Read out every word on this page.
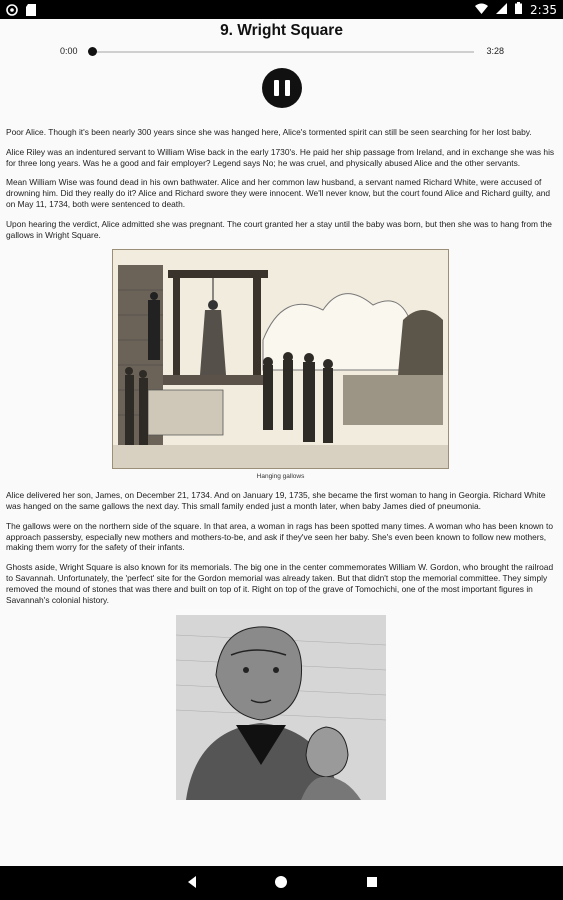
2:35
9. Wright Square
0:00	3:28

Poor Alice. Though it's been nearly 300 years since she was hanged here, Alice's tormented spirit can still be seen searching for her lost baby.

Alice Riley was an indentured servant to William Wise back in the early 1730's. He paid her ship passage from Ireland, and in exchange she was his for three long years. Was he a good and fair employer? Legend says No; he was cruel, and physically abused Alice and the other servants.

Mean William Wise was found dead in his own bathwater. Alice and her common law husband, a servant named Richard White, were accused of drowning him. Did they really do it? Alice and Richard swore they were innocent. We'll never know, but the court found Alice and Richard guilty, and on May 11, 1734, both were sentenced to death.

Upon hearing the verdict, Alice admitted she was pregnant. The court granted her a stay until the baby was born, but then she was to hang from the gallows in Wright Square.

Hanging gallows

Alice delivered her son, James, on December 21, 1734. And on January 19, 1735, she became the first woman to hang in Georgia. Richard White was hanged on the same gallows the next day. This small family ended just a month later, when baby James died of pneumonia.

The gallows were on the northern side of the square. In that area, a woman in rags has been spotted many times. A woman who has been known to approach passersby, especially new mothers and mothers-to-be, and ask if they've seen her baby. She's even been known to follow new mothers, making them worry for the safety of their infants.

Ghosts aside, Wright Square is also known for its memorials. The big one in the center commemorates William W. Gordon, who brought the railroad to Savannah. Unfortunately, the 'perfect' site for the Gordon memorial was already taken. But that didn't stop the memorial committee. They simply removed the mound of stones that was there and built on top of it. Right on top of the grave of Tomochichi, one of the most important figures in Savannah's colonial history.
